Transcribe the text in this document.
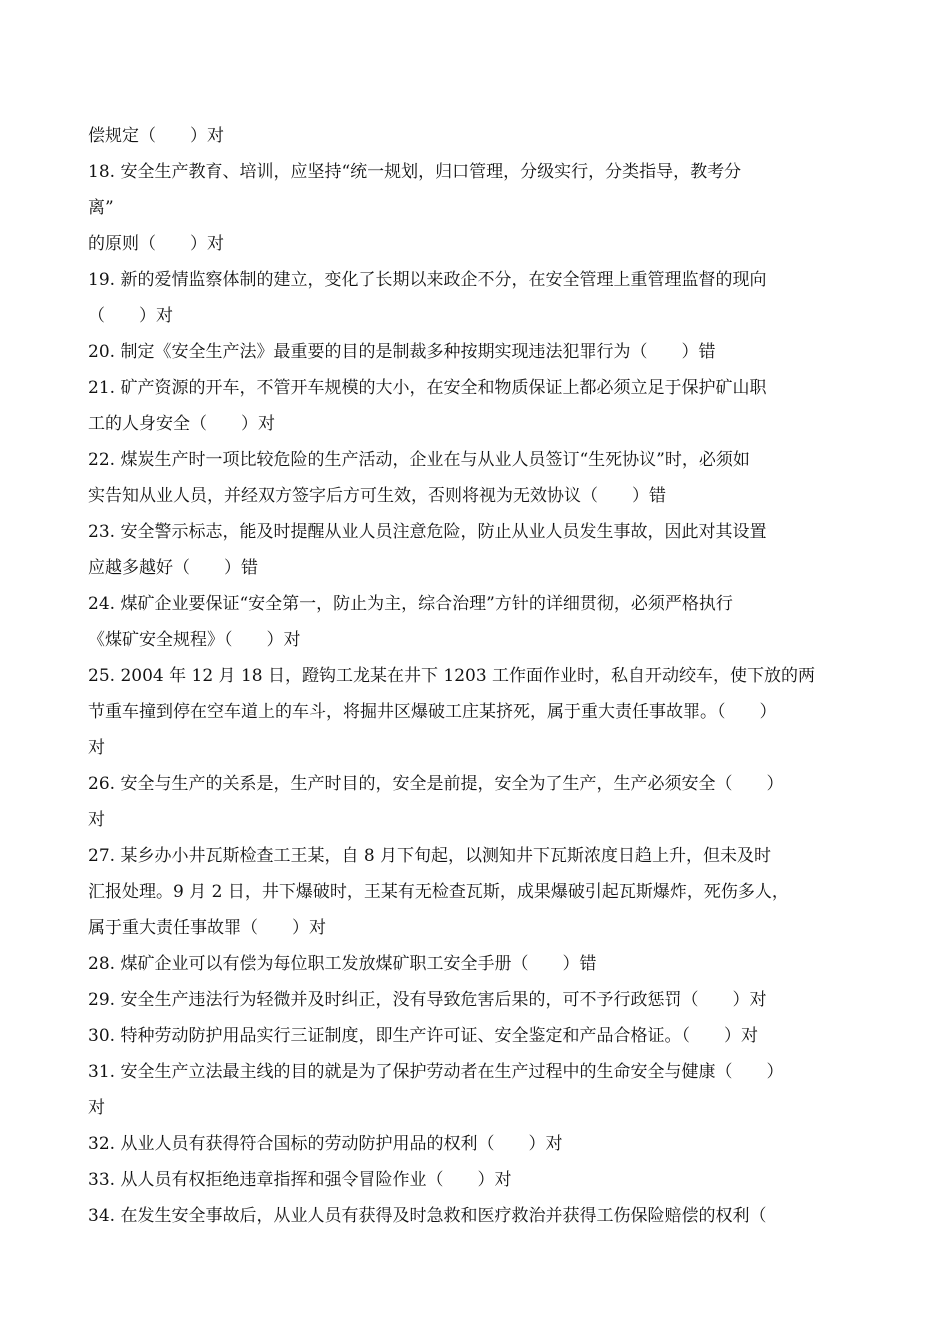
偿规定（　　）对
18. 安全生产教育、培训，应坚持“统一规划，归口管理，分级实行，分类指导，教考分
离”
的原则（　　）对
19. 新的爱情监察体制的建立，变化了长期以来政企不分，在安全管理上重管理监督的现向
（　　）对
20. 制定《安全生产法》最重要的目的是制裁多种按期实现违法犯罪行为（　　）错
21. 矿产资源的开车，不管开车规模的大小，在安全和物质保证上都必须立足于保护矿山职
工的人身安全（　　）对
22. 煤炭生产时一项比较危险的生产活动，企业在与从业人员签订“生死协议”时，必须如
实告知从业人员，并经双方签字后方可生效，否则将视为无效协议（　　）错
23. 安全警示标志，能及时提醒从业人员注意危险，防止从业人员发生事故，因此对其设置
应越多越好（　　）错
24. 煤矿企业要保证“安全第一，防止为主，综合治理”方针的详细贯彻，必须严格执行
《煤矿安全规程》（　　）对
25. 2004 年 12 月 18 日，蹬钩工龙某在井下 1203 工作面作业时，私自开动绞车，使下放的两
节重车撞到停在空车道上的车斗，将掘井区爆破工庄某挤死，属于重大责任事故罪。（　　）
对
26. 安全与生产的关系是，生产时目的，安全是前提，安全为了生产，生产必须安全（　　）
对
27. 某乡办小井瓦斯检查工王某，自 8 月下旬起，以测知井下瓦斯浓度日趋上升，但未及时
汇报处理。9 月 2 日，井下爆破时，王某有无检查瓦斯，成果爆破引起瓦斯爆炸，死伤多人，
属于重大责任事故罪（　　）对
28. 煤矿企业可以有偿为每位职工发放煤矿职工安全手册（　　）错
29. 安全生产违法行为轻微并及时纠正，没有导致危害后果的，可不予行政惩罚（　　）对
30. 特种劳动防护用品实行三证制度，即生产许可证、安全鉴定和产品合格证。（　　）对
31. 安全生产立法最主线的目的就是为了保护劳动者在生产过程中的生命安全与健康（　　）
对
32. 从业人员有获得符合国标的劳动防护用品的权利（　　）对
33. 从人员有权拒绝违章指挥和强令冒险作业（　　）对
34. 在发生安全事故后，从业人员有获得及时急救和医疗救治并获得工伤保险赔偿的权利（
